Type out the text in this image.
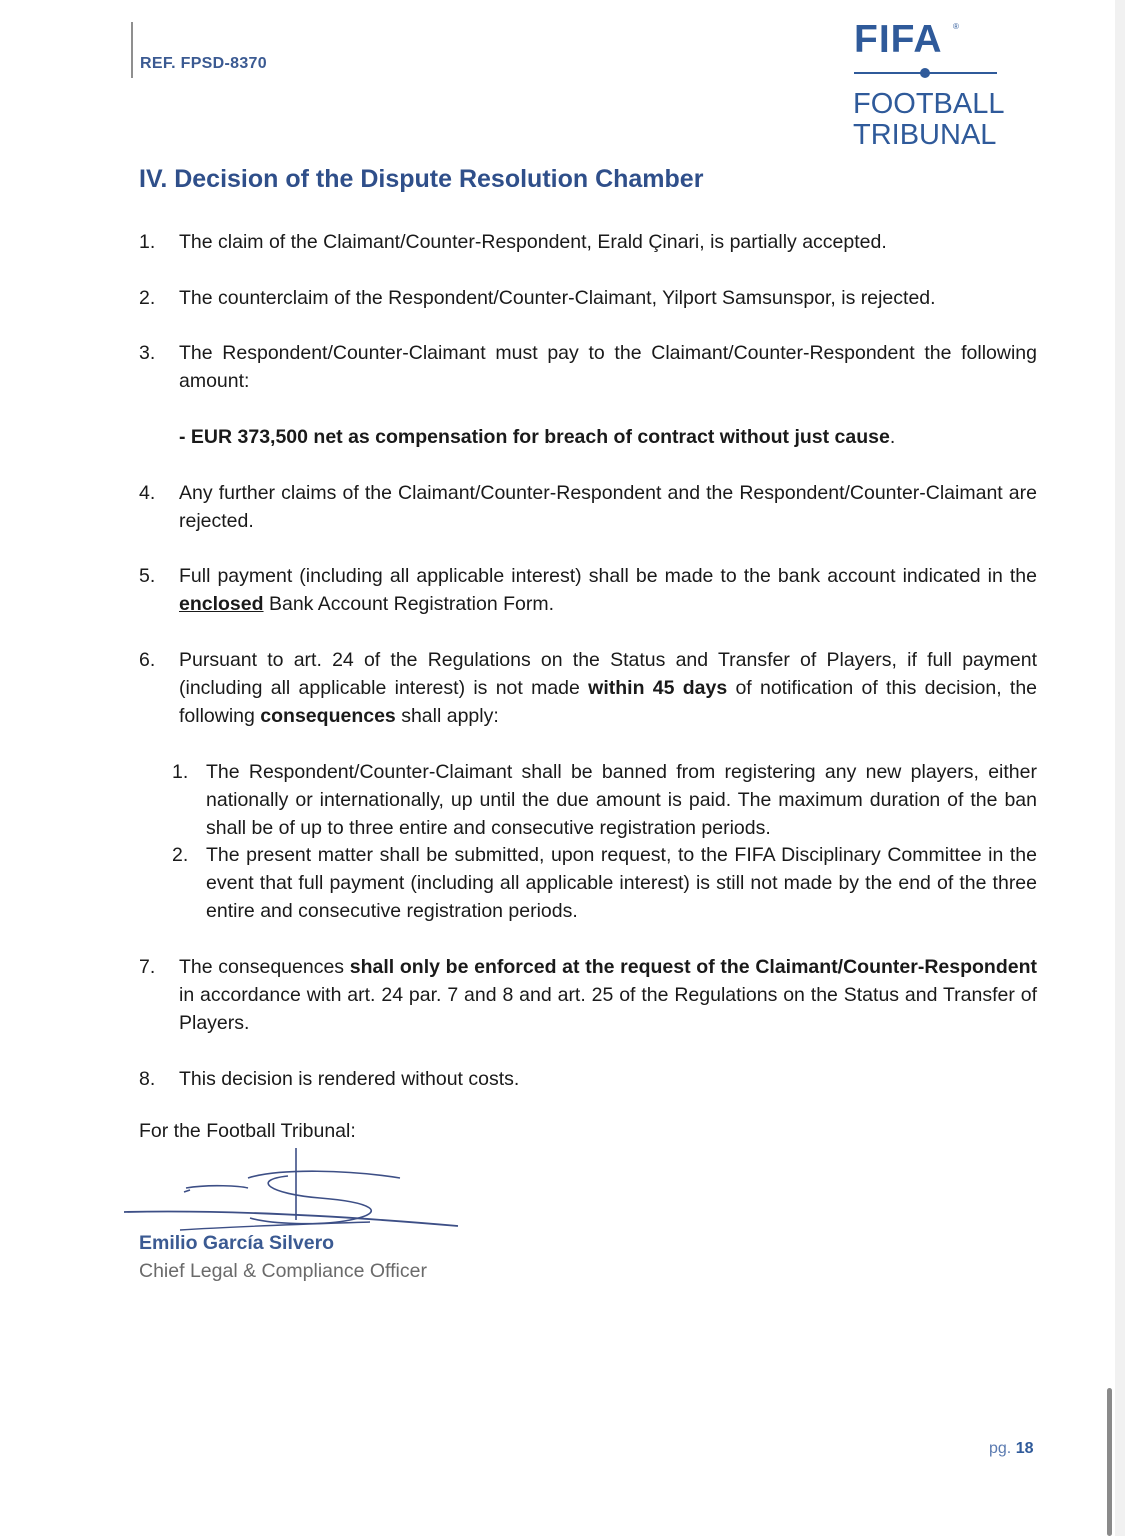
REF. FPSD-8370
FIFA ®
FOOTBALL
TRIBUNAL
IV. Decision of the Dispute Resolution Chamber
1. The claim of the Claimant/Counter-Respondent, Erald Çinari, is partially accepted.
2. The counterclaim of the Respondent/Counter-Claimant, Yilport Samsunspor, is rejected.
3. The Respondent/Counter-Claimant must pay to the Claimant/Counter-Respondent the following amount:
- EUR 373,500 net as compensation for breach of contract without just cause.
4. Any further claims of the Claimant/Counter-Respondent and the Respondent/Counter-Claimant are rejected.
5. Full payment (including all applicable interest) shall be made to the bank account indicated in the enclosed Bank Account Registration Form.
6. Pursuant to art. 24 of the Regulations on the Status and Transfer of Players, if full payment (including all applicable interest) is not made within 45 days of notification of this decision, the following consequences shall apply:
1. The Respondent/Counter-Claimant shall be banned from registering any new players, either nationally or internationally, up until the due amount is paid. The maximum duration of the ban shall be of up to three entire and consecutive registration periods.
2. The present matter shall be submitted, upon request, to the FIFA Disciplinary Committee in the event that full payment (including all applicable interest) is still not made by the end of the three entire and consecutive registration periods.
7. The consequences shall only be enforced at the request of the Claimant/Counter-Respondent in accordance with art. 24 par. 7 and 8 and art. 25 of the Regulations on the Status and Transfer of Players.
8. This decision is rendered without costs.
For the Football Tribunal:
Emilio García Silvero
Chief Legal & Compliance Officer
pg. 18
